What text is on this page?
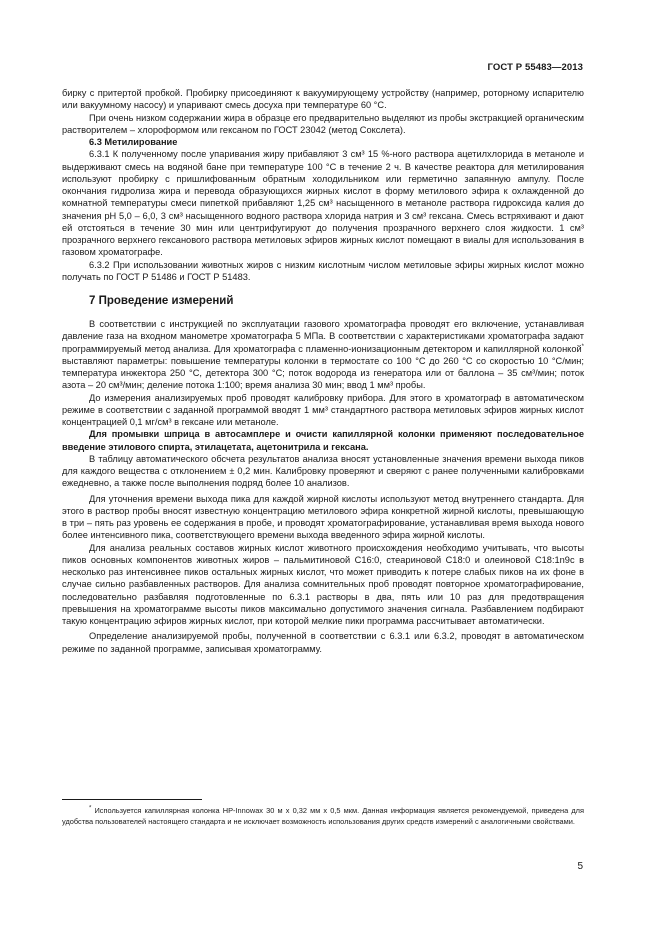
ГОСТ Р 55483—2013

бирку с притертой пробкой. Пробирку присоединяют к вакуумирующему устройству (например, роторному испарителю или вакуумному насосу) и упаривают смесь досуха при температуре 60 °С.

При очень низком содержании жира в образце его предварительно выделяют из пробы экстракцией органическим растворителем – хлороформом или гексаном по ГОСТ 23042 (метод Сокслета).

6.3 Метилирование

6.3.1 К полученному после упаривания жиру прибавляют 3 см³ 15 %-ного раствора ацетилхлорида в метаноле и выдерживают смесь на водяной бане при температуре 100 °С в течение 2 ч. В качестве реактора для метилирования используют пробирку с пришлифованным обратным холодильником или герметично запаянную ампулу. После окончания гидролиза жира и перевода образующихся жирных кислот в форму метилового эфира к охлажденной до комнатной температуры смеси пипеткой прибавляют 1,25 см³ насыщенного в метаноле раствора гидроксида калия до значения рН 5,0 – 6,0, 3 см³ насыщенного водного раствора хлорида натрия и 3 см³ гексана. Смесь встряхивают и дают ей отстояться в течение 30 мин или центрифугируют до получения прозрачного верхнего слоя жидкости. 1 см³ прозрачного верхнего гексанового раствора метиловых эфиров жирных кислот помещают в виалы для использования в газовом хроматографе.

6.3.2 При использовании животных жиров с низким кислотным числом метиловые эфиры жирных кислот можно получать по ГОСТ Р 51486 и ГОСТ Р 51483.

7 Проведение измерений

В соответствии с инструкцией по эксплуатации газового хроматографа проводят его включение, устанавливая давление газа на входном манометре хроматографа 5 МПа. В соответствии с характеристиками хроматографа задают программируемый метод анализа. Для хроматографа с пламенно-ионизационным детектором и капиллярной колонкой* выставляют параметры: повышение температуры колонки в термостате со 100 °С до 260 °С со скоростью 10 °С/мин; температура инжектора 250 °С, детектора 300 °С; поток водорода из генератора или от баллона – 35 см³/мин; поток азота – 20 см³/мин; деление потока 1:100; время анализа 30 мин; ввод 1 мм³ пробы.

До измерения анализируемых проб проводят калибровку прибора. Для этого в хроматограф в автоматическом режиме в соответствии с заданной программой вводят 1 мм³ стандартного раствора метиловых эфиров жирных кислот концентрацией 0,1 мг/см³ в гексане или метаноле.

Для промывки шприца в автосамплере и очисти капиллярной колонки применяют последовательное введение этилового спирта, этилацетата, ацетонитрила и гексана.

В таблицу автоматического обсчета результатов анализа вносят установленные значения времени выхода пиков для каждого вещества с отклонением ± 0,2 мин. Калибровку проверяют и сверяют с ранее полученными калибровками ежедневно, а также после выполнения подряд более 10 анализов.

Для уточнения времени выхода пика для каждой жирной кислоты используют метод внутреннего стандарта. Для этого в раствор пробы вносят известную концентрацию метилового эфира конкретной жирной кислоты, превышающую в три – пять раз уровень ее содержания в пробе, и проводят хроматографирование, устанавливая время выхода нового более интенсивного пика, соответствующего времени выхода введенного эфира жирной кислоты.

Для анализа реальных составов жирных кислот животного происхождения необходимо учитывать, что высоты пиков основных компонентов животных жиров – пальмитиновой С16:0, стеариновой С18:0 и олеиновой С18:1n9c в несколько раз интенсивнее пиков остальных жирных кислот, что может приводить к потере слабых пиков на их фоне в случае сильно разбавленных растворов. Для анализа сомнительных проб проводят повторное хроматографирование, последовательно разбавляя подготовленные по 6.3.1 растворы в два, пять или 10 раз для предотвращения превышения на хроматограмме высоты пиков максимально допустимого значения сигнала. Разбавлением подбирают такую концентрацию эфиров жирных кислот, при которой мелкие пики программа рассчитывает автоматически.

Определение анализируемой пробы, полученной в соответствии с 6.3.1 или 6.3.2, проводят в автоматическом режиме по заданной программе, записывая хроматограмму.

* Используется капиллярная колонка HP-Innowax 30 м х 0,32 мм х 0,5 мкм. Данная информация является рекомендуемой, приведена для удобства пользователей настоящего стандарта и не исключает возможность использования других средств измерений с аналогичными свойствами.

5
